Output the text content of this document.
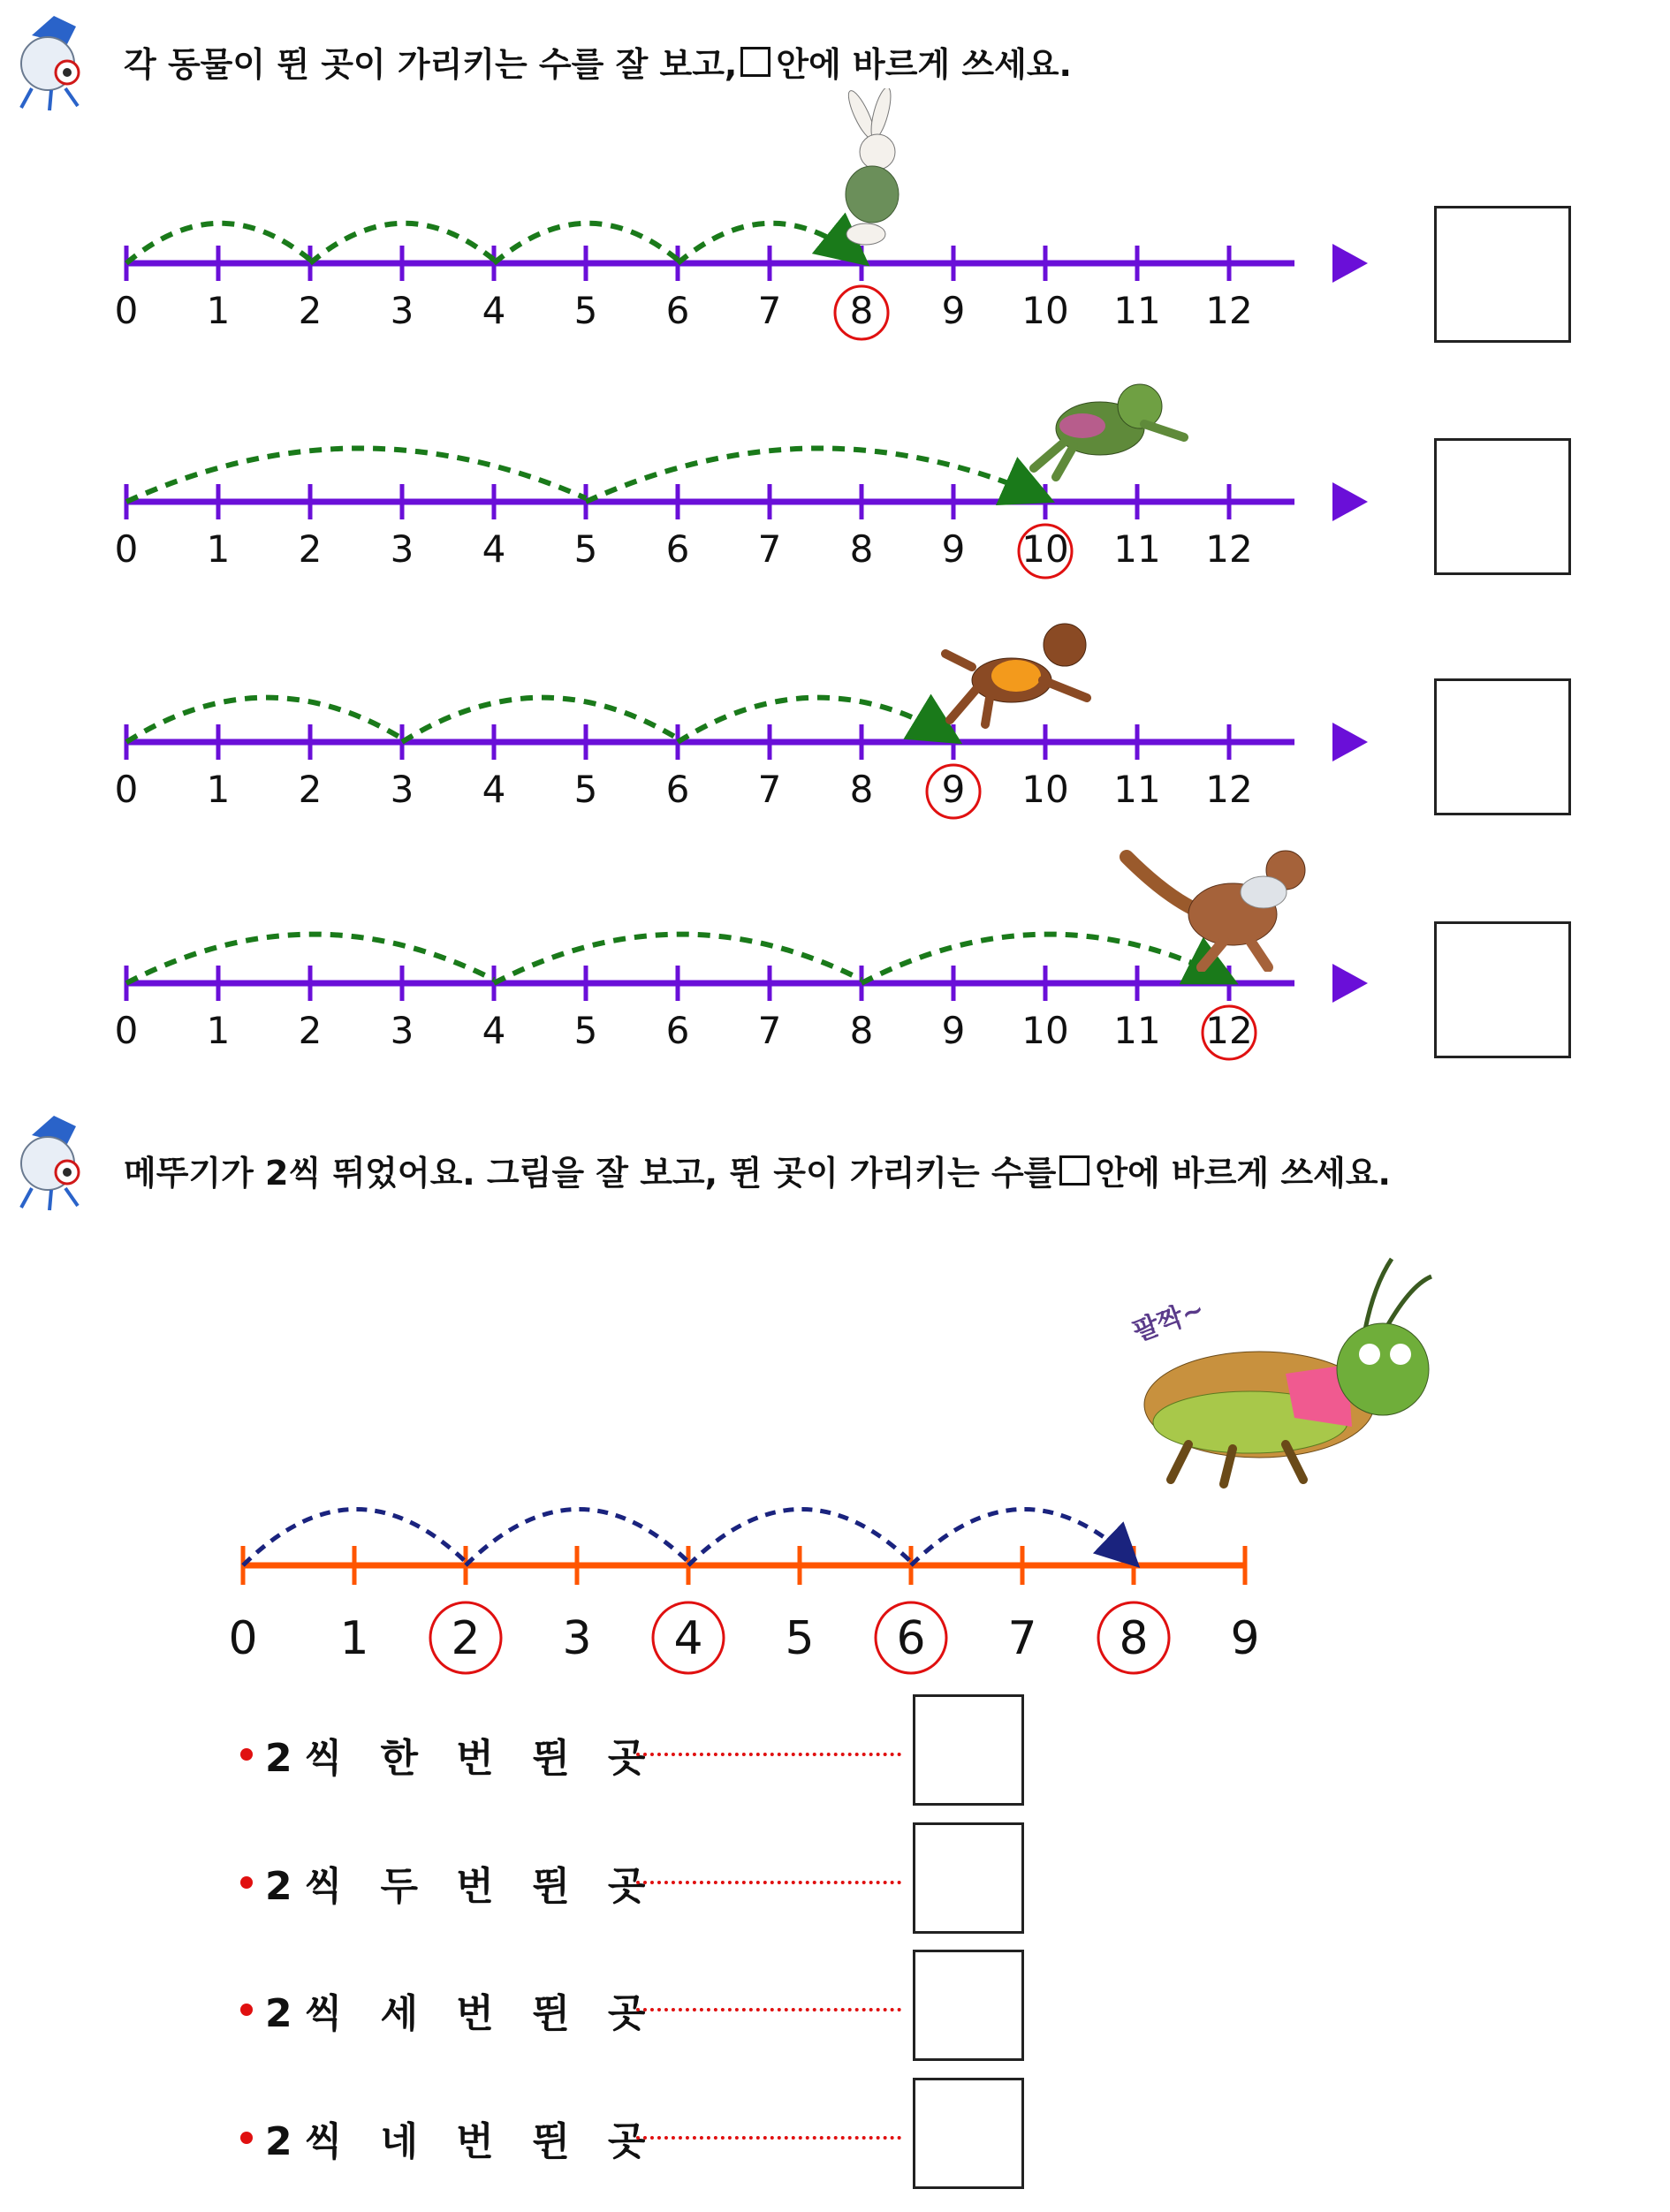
각 동물이 뛴 곳이 가리키는 수를 잘 보고, 안에 바르게 쓰세요.
0 1 2 3 4 5 6 7 8 9 10 11 12
0 1 2 3 4 5 6 7 8 9 10 11 12
0 1 2 3 4 5 6 7 8 9 10 11 12
0 1 2 3 4 5 6 7 8 9 10 11 12
메뚜기가 2씩 뛰었어요. 그림을 잘 보고, 뛴 곳이 가리키는 수를 안에 바르게 쓰세요.
팔짝~
0 1 2 3 4 5 6 7 8 9
2씩 한 번 뛴 곳
2씩 두 번 뛴 곳
2씩 세 번 뛴 곳
2씩 네 번 뛴 곳
